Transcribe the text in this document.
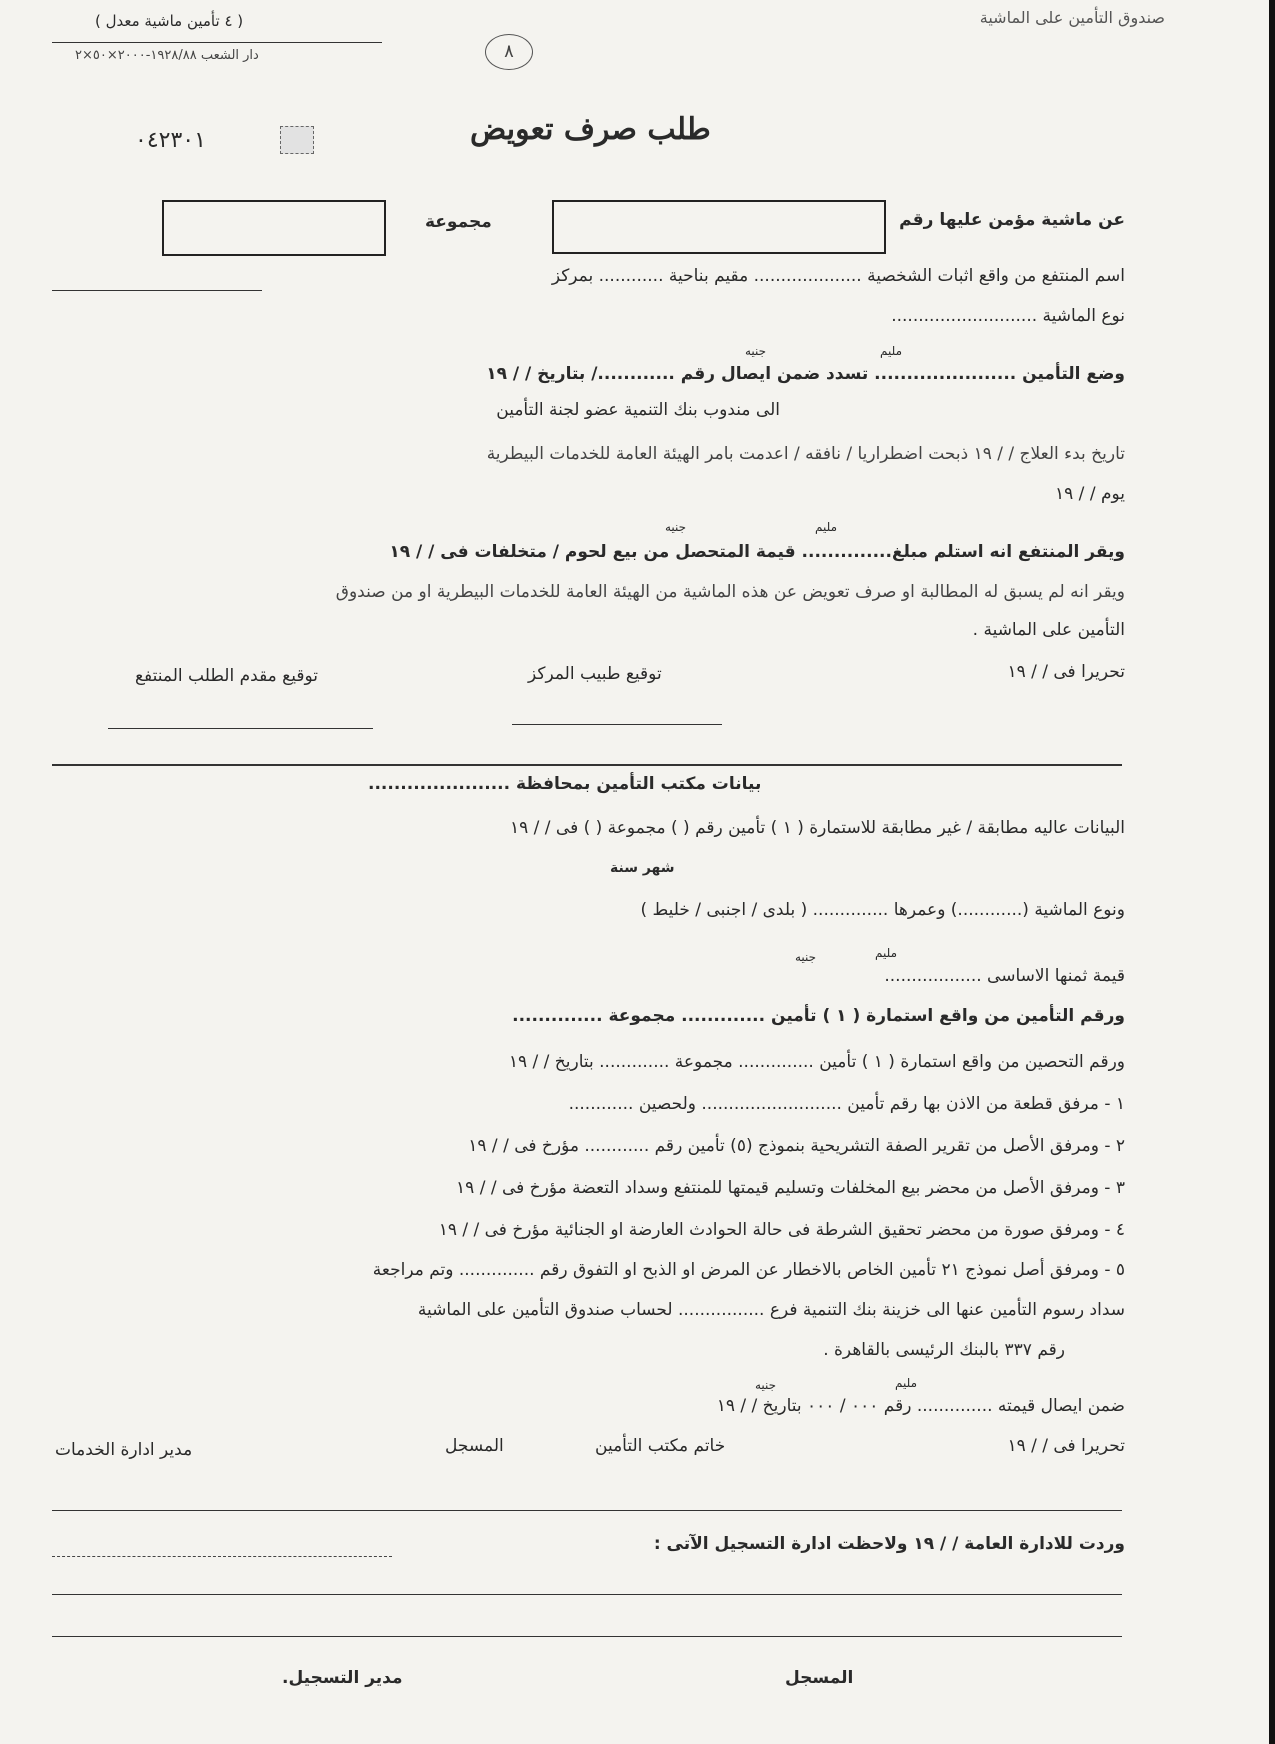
صندوق التأمين على الماشية
( ٤ تأمين ماشية معدل )
دار الشعب ١٩٢٨/٨٨-٢٠٠٠×٥٠×٢	٨
طلب صرف تعويض
٠٤٢٣٠١
عن ماشية مؤمن عليها رقم
مجموعة
اسم المنتفع من واقع اثبات الشخصية .................... مقيم بناحية ............ بمركز
نوع الماشية ...........................
مليم
جنيه
وضع التأمين ...................... تسدد ضمن ايصال رقم ............/ بتاريخ / / ١٩
الى مندوب بنك التنمية عضو لجنة التأمين
تاريخ بدء العلاج / / ١٩ ذبحت اضطراريا / نافقه / اعدمت بامر الهيئة العامة للخدمات البيطرية
يوم / / ١٩
مليم
جنيه
ويقر المنتفع انه استلم مبلغ.............. قيمة المتحصل من بيع لحوم / متخلفات فى / / ١٩
ويقر انه لم يسبق له المطالبة او صرف تعويض عن هذه الماشية من الهيئة العامة للخدمات البيطرية او من صندوق
التأمين على الماشية .
تحريرا فى / / ١٩
توقيع طبيب المركز
توقيع مقدم الطلب المنتفع
بيانات مكتب التأمين بمحافظة ......................
البيانات عاليه مطابقة / غير مطابقة للاستمارة ( ١ ) تأمين رقم ( ) مجموعة ( ) فى / / ١٩
شهر سنة
ونوع الماشية (............) وعمرها .............. ( بلدى / اجنبى / خليط )
مليم
جنيه
قيمة ثمنها الاساسى ..................
ورقم التأمين من واقع استمارة ( ١ ) تأمين ............. مجموعة ..............
ورقم التحصين من واقع استمارة ( ١ ) تأمين .............. مجموعة ............. بتاريخ / / ١٩
١ - مرفق قطعة من الاذن بها رقم تأمين .......................... ولحصين ............
٢ - ومرفق الأصل من تقرير الصفة التشريحية بنموذج (٥) تأمين رقم ............ مؤرخ فى / / ١٩
٣ - ومرفق الأصل من محضر بيع المخلفات وتسليم قيمتها للمنتفع وسداد التعضة مؤرخ فى / / ١٩
٤ - ومرفق صورة من محضر تحقيق الشرطة فى حالة الحوادث العارضة او الجنائية مؤرخ فى / / ١٩
٥ - ومرفق أصل نموذج ٢١ تأمين الخاص بالاخطار عن المرض او الذبح او التفوق رقم .............. وتم مراجعة
سداد رسوم التأمين عنها الى خزينة بنك التنمية فرع ................ لحساب صندوق التأمين على الماشية
رقم ٣٣٧ بالبنك الرئيسى بالقاهرة .
مليم
جنيه
ضمن ايصال قيمته .............. رقم ٠٠٠ / ٠٠٠ بتاريخ / / ١٩
تحريرا فى / / ١٩
خاتم مكتب التأمين
المسجل
مدير ادارة الخدمات
وردت للادارة العامة / / ١٩ ولاحظت ادارة التسجيل الآتى :
المسجل
مدير التسجيل.
